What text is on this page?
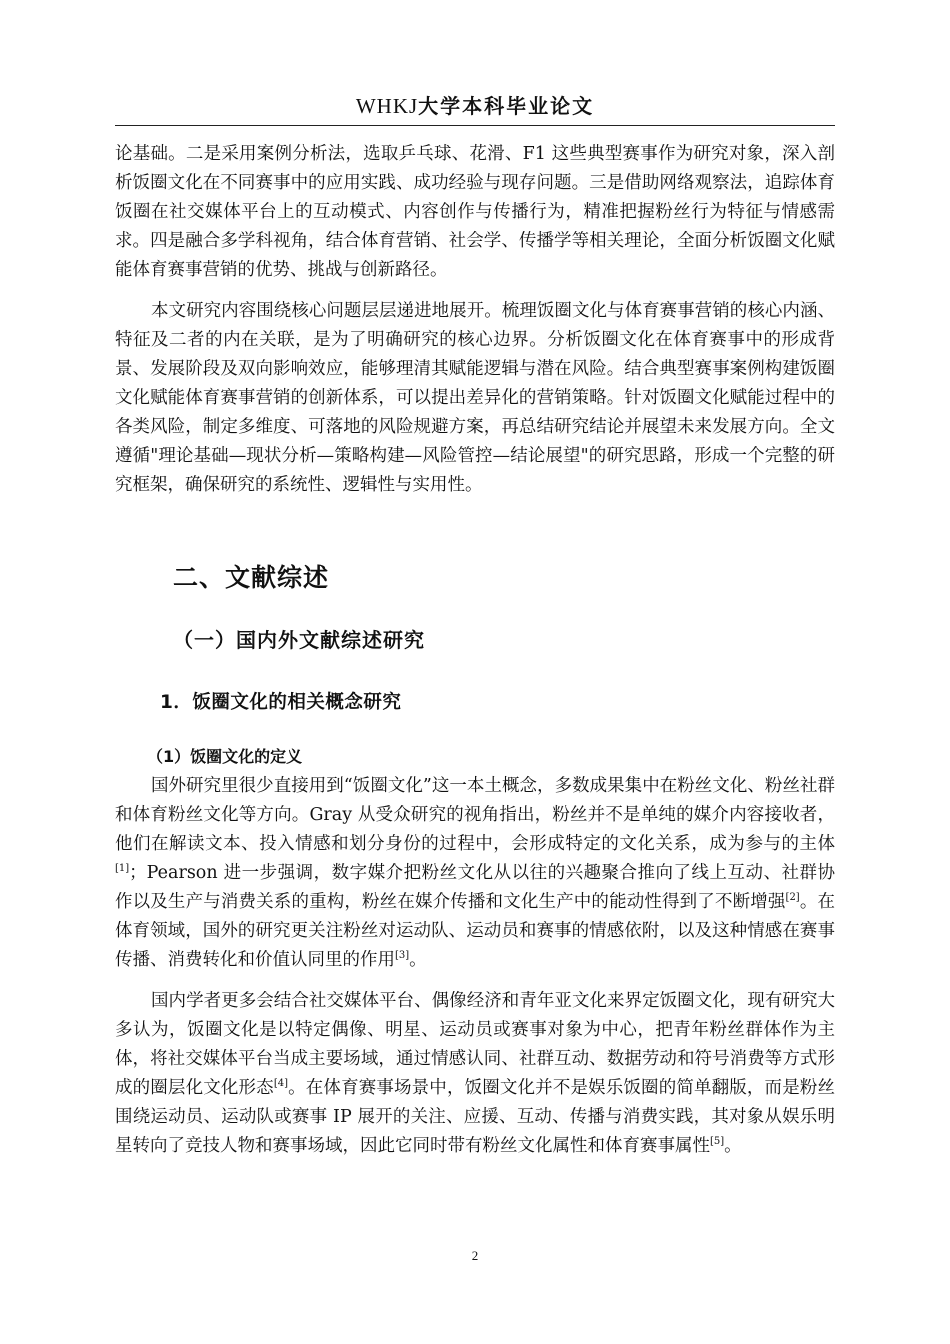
WHKJ大学本科毕业论文

论基础。二是采用案例分析法，选取乒乓球、花滑、F1 这些典型赛事作为研究对象，深入剖析饭圈文化在不同赛事中的应用实践、成功经验与现存问题。三是借助网络观察法，追踪体育饭圈在社交媒体平台上的互动模式、内容创作与传播行为，精准把握粉丝行为特征与情感需求。四是融合多学科视角，结合体育营销、社会学、传播学等相关理论，全面分析饭圈文化赋能体育赛事营销的优势、挑战与创新路径。

本文研究内容围绕核心问题层层递进地展开。梳理饭圈文化与体育赛事营销的核心内涵、特征及二者的内在关联，是为了明确研究的核心边界。分析饭圈文化在体育赛事中的形成背景、发展阶段及双向影响效应，能够理清其赋能逻辑与潜在风险。结合典型赛事案例构建饭圈文化赋能体育赛事营销的创新体系，可以提出差异化的营销策略。针对饭圈文化赋能过程中的各类风险，制定多维度、可落地的风险规避方案，再总结研究结论并展望未来发展方向。全文遵循"理论基础—现状分析—策略构建—风险管控—结论展望"的研究思路，形成一个完整的研究框架，确保研究的系统性、逻辑性与实用性。

二、文献综述
（一）国内外文献综述研究
1．饭圈文化的相关概念研究
（1）饭圈文化的定义

国外研究里很少直接用到“饭圈文化”这一本土概念，多数成果集中在粉丝文化、粉丝社群和体育粉丝文化等方向。Gray 从受众研究的视角指出，粉丝并不是单纯的媒介内容接收者，他们在解读文本、投入情感和划分身份的过程中，会形成特定的文化关系，成为参与的主体[1]；Pearson 进一步强调，数字媒介把粉丝文化从以往的兴趣聚合推向了线上互动、社群协作以及生产与消费关系的重构，粉丝在媒介传播和文化生产中的能动性得到了不断增强[2]。在体育领域，国外的研究更关注粉丝对运动队、运动员和赛事的情感依附，以及这种情感在赛事传播、消费转化和价值认同里的作用[3]。

国内学者更多会结合社交媒体平台、偶像经济和青年亚文化来界定饭圈文化，现有研究大多认为，饭圈文化是以特定偶像、明星、运动员或赛事对象为中心，把青年粉丝群体作为主体，将社交媒体平台当成主要场域，通过情感认同、社群互动、数据劳动和符号消费等方式形成的圈层化文化形态[4]。在体育赛事场景中，饭圈文化并不是娱乐饭圈的简单翻版，而是粉丝围绕运动员、运动队或赛事 IP 展开的关注、应援、互动、传播与消费实践，其对象从娱乐明星转向了竞技人物和赛事场域，因此它同时带有粉丝文化属性和体育赛事属性[5]。

2
